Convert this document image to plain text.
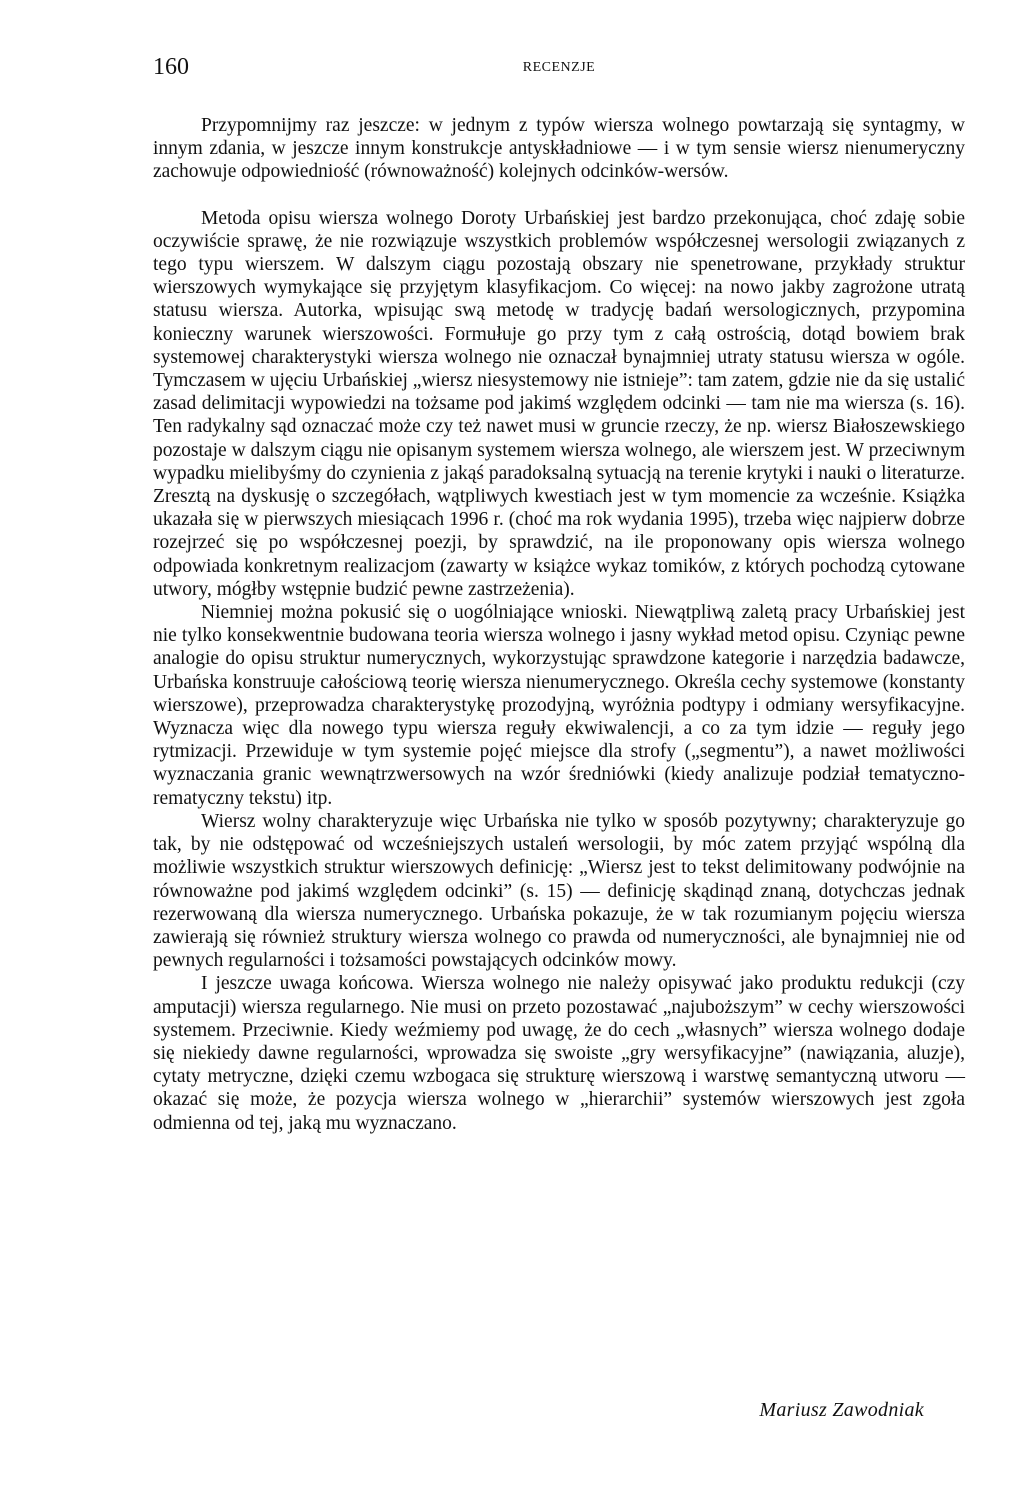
160	RECENZJE

Przypomnijmy raz jeszcze: w jednym z typów wiersza wolnego powtarzają się syntagmy, w innym zdania, w jeszcze innym konstrukcje antyskładniowe — i w tym sensie wiersz nienumeryczny zachowuje odpowiedniość (równoważność) kolejnych odcinków-wersów.

Metoda opisu wiersza wolnego Doroty Urbańskiej jest bardzo przekonująca, choć zdaję sobie oczywiście sprawę, że nie rozwiązuje wszystkich problemów współczesnej wersologii związanych z tego typu wierszem. W dalszym ciągu pozostają obszary nie spenetrowane, przykłady struktur wierszowych wymykające się przyjętym klasyfikacjom. Co więcej: na nowo jakby zagrożone utratą statusu wiersza. Autorka, wpisując swą metodę w tradycję badań wersologicznych, przypomina konieczny warunek wierszowości. Formułuje go przy tym z całą ostrością, dotąd bowiem brak systemowej charakterystyki wiersza wolnego nie oznaczał bynajmniej utraty statusu wiersza w ogóle. Tymczasem w ujęciu Urbańskiej „wiersz niesystemowy nie istnieje”: tam zatem, gdzie nie da się ustalić zasad delimitacji wypowiedzi na tożsame pod jakimś względem odcinki — tam nie ma wiersza (s. 16). Ten radykalny sąd oznaczać może czy też nawet musi w gruncie rzeczy, że np. wiersz Białoszewskiego pozostaje w dalszym ciągu nie opisanym systemem wiersza wolnego, ale wierszem jest. W przeciwnym wypadku mielibyśmy do czynienia z jakąś paradoksalną sytuacją na terenie krytyki i nauki o literaturze. Zresztą na dyskusję o szczegółach, wątpliwych kwestiach jest w tym momencie za wcześnie. Książka ukazała się w pierwszych miesiącach 1996 r. (choć ma rok wydania 1995), trzeba więc najpierw dobrze rozejrzeć się po współczesnej poezji, by sprawdzić, na ile proponowany opis wiersza wolnego odpowiada konkretnym realizacjom (zawarty w książce wykaz tomików, z których pochodzą cytowane utwory, mógłby wstępnie budzić pewne zastrzeżenia).

Niemniej można pokusić się o uogólniające wnioski. Niewątpliwą zaletą pracy Urbańskiej jest nie tylko konsekwentnie budowana teoria wiersza wolnego i jasny wykład metod opisu. Czyniąc pewne analogie do opisu struktur numerycznych, wykorzystując sprawdzone kategorie i narzędzia badawcze, Urbańska konstruuje całościową teorię wiersza nienumerycznego. Określa cechy systemowe (konstanty wierszowe), przeprowadza charakterystykę prozodyjną, wyróżnia podtypy i odmiany wersyfikacyjne. Wyznacza więc dla nowego typu wiersza reguły ekwiwalencji, a co za tym idzie — reguły jego rytmizacji. Przewiduje w tym systemie pojęć miejsce dla strofy („segmentu”), a nawet możliwości wyznaczania granic wewnątrzwersowych na wzór średniówki (kiedy analizuje podział tematyczno-rematyczny tekstu) itp.

Wiersz wolny charakteryzuje więc Urbańska nie tylko w sposób pozytywny; charakteryzuje go tak, by nie odstępować od wcześniejszych ustaleń wersologii, by móc zatem przyjąć wspólną dla możliwie wszystkich struktur wierszowych definicję: „Wiersz jest to tekst delimitowany podwójnie na równoważne pod jakimś względem odcinki” (s. 15) — definicję skądinąd znaną, dotychczas jednak rezerwowaną dla wiersza numerycznego. Urbańska pokazuje, że w tak rozumianym pojęciu wiersza zawierają się również struktury wiersza wolnego co prawda od numeryczności, ale bynajmniej nie od pewnych regularności i tożsamości powstających odcinków mowy.

I jeszcze uwaga końcowa. Wiersza wolnego nie należy opisywać jako produktu redukcji (czy amputacji) wiersza regularnego. Nie musi on przeto pozostawać „najuboższym” w cechy wierszowości systemem. Przeciwnie. Kiedy weźmiemy pod uwagę, że do cech „własnych” wiersza wolnego dodaje się niekiedy dawne regularności, wprowadza się swoiste „gry wersyfikacyjne” (nawiązania, aluzje), cytaty metryczne, dzięki czemu wzbogaca się strukturę wierszową i warstwę semantyczną utworu — okazać się może, że pozycja wiersza wolnego w „hierarchii” systemów wierszowych jest zgoła odmienna od tej, jaką mu wyznaczano.

Mariusz Zawodniak
